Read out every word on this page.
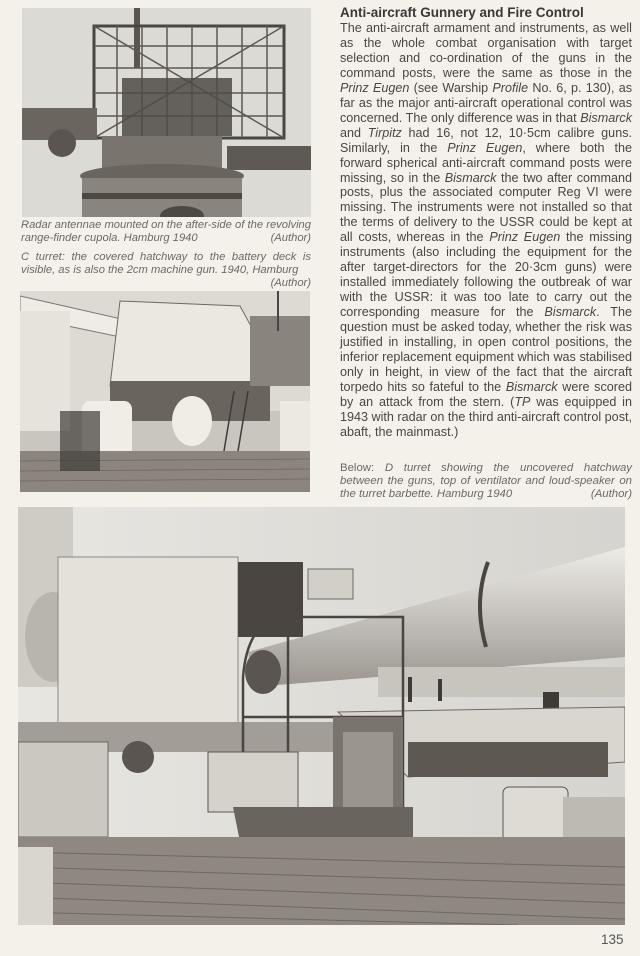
Radar antennae mounted on the after-side of the revolving range-finder cupola. Hamburg 1940	(Author)
C turret: the covered hatchway to the battery deck is visible, as is also the 2cm machine gun. 1940, Hamburg
(Author)
Anti-aircraft Gunnery and Fire Control

The anti-aircraft armament and instruments, as well as the whole combat organisation with target selection and co-ordination of the guns in the command posts, were the same as those in the Prinz Eugen (see Warship Profile No. 6, p. 130), as far as the major anti-aircraft operational control was concerned. The only difference was in that Bismarck and Tirpitz had 16, not 12, 10·5cm calibre guns. Similarly, in the Prinz Eugen, where both the forward spherical anti-aircraft command posts were missing, so in the Bismarck the two after command posts, plus the associated computer Reg VI were missing. The instruments were not installed so that the terms of delivery to the USSR could be kept at all costs, whereas in the Prinz Eugen the missing instruments (also including the equipment for the after target-directors for the 20·3cm guns) were installed immediately following the outbreak of war with the USSR: it was too late to carry out the corresponding measure for the Bismarck. The question must be asked today, whether the risk was justified in installing, in open control positions, the inferior replacement equipment which was stabilised only in height, in view of the fact that the aircraft torpedo hits so fateful to the Bismarck were scored by an attack from the stern. (TP was equipped in 1943 with radar on the third anti-aircraft control post, abaft, the mainmast.)

Below: D turret showing the uncovered hatchway between the guns, top of ventilator and loud-speaker on the turret barbette. Hamburg 1940	(Author)
135
